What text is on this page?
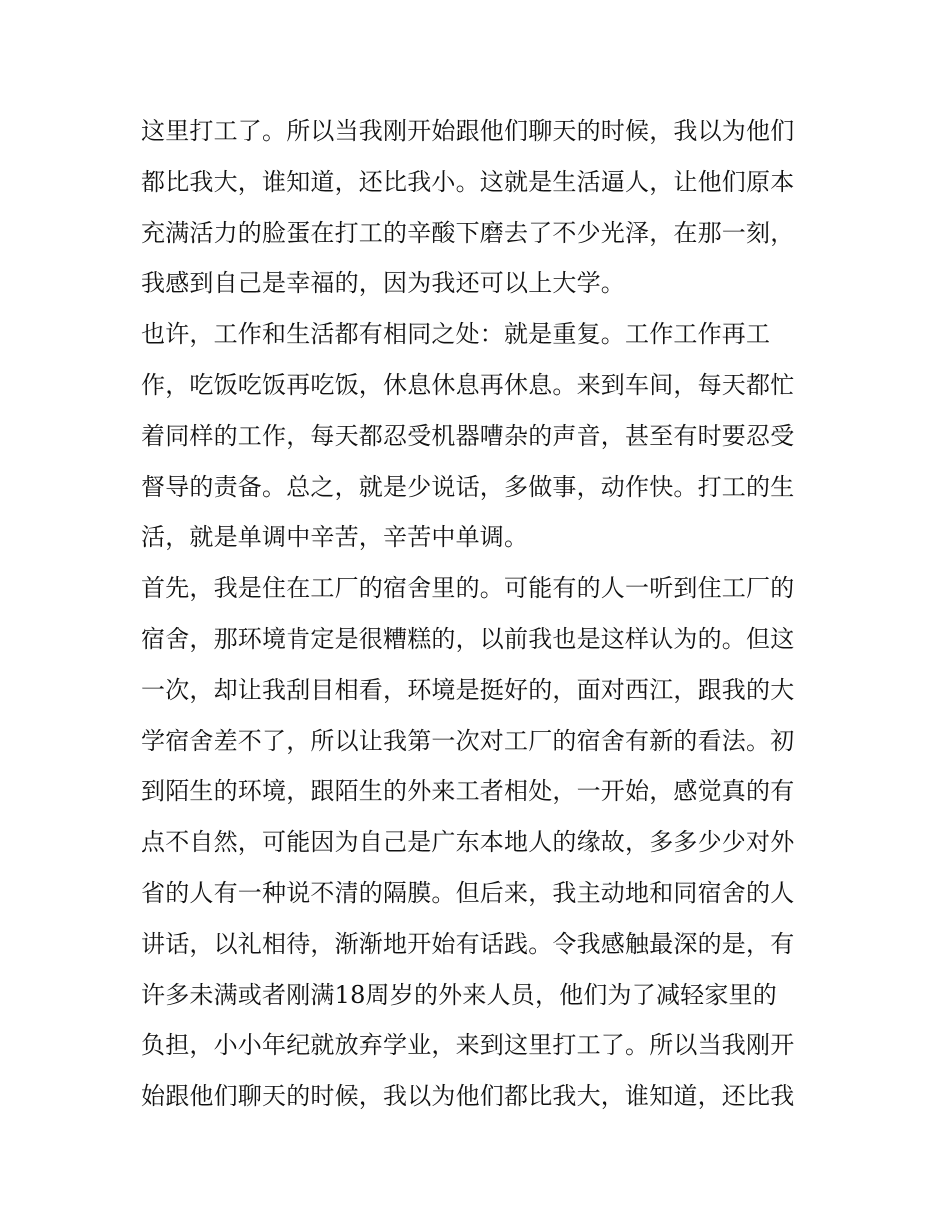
这里打工了。所以当我刚开始跟他们聊天的时候，我以为他们
都比我大，谁知道，还比我小。这就是生活逼人，让他们原本
充满活力的脸蛋在打工的辛酸下磨去了不少光泽，在那一刻，
我感到自己是幸福的，因为我还可以上大学。

也许，工作和生活都有相同之处：就是重复。工作工作再工
作，吃饭吃饭再吃饭，休息休息再休息。来到车间，每天都忙
着同样的工作，每天都忍受机器嘈杂的声音，甚至有时要忍受
督导的责备。总之，就是少说话，多做事，动作快。打工的生
活，就是单调中辛苦，辛苦中单调。

首先，我是住在工厂的宿舍里的。可能有的人一听到住工厂的
宿舍，那环境肯定是很糟糕的，以前我也是这样认为的。但这
一次，却让我刮目相看，环境是挺好的，面对西江，跟我的大
学宿舍差不了，所以让我第一次对工厂的宿舍有新的看法。初
到陌生的环境，跟陌生的外来工者相处，一开始，感觉真的有
点不自然，可能因为自己是广东本地人的缘故，多多少少对外
省的人有一种说不清的隔膜。但后来，我主动地和同宿舍的人
讲话，以礼相待，渐渐地开始有话践。令我感触最深的是，有
许多未满或者刚满18周岁的外来人员，他们为了减轻家里的
负担，小小年纪就放弃学业，来到这里打工了。所以当我刚开
始跟他们聊天的时候，我以为他们都比我大，谁知道，还比我
